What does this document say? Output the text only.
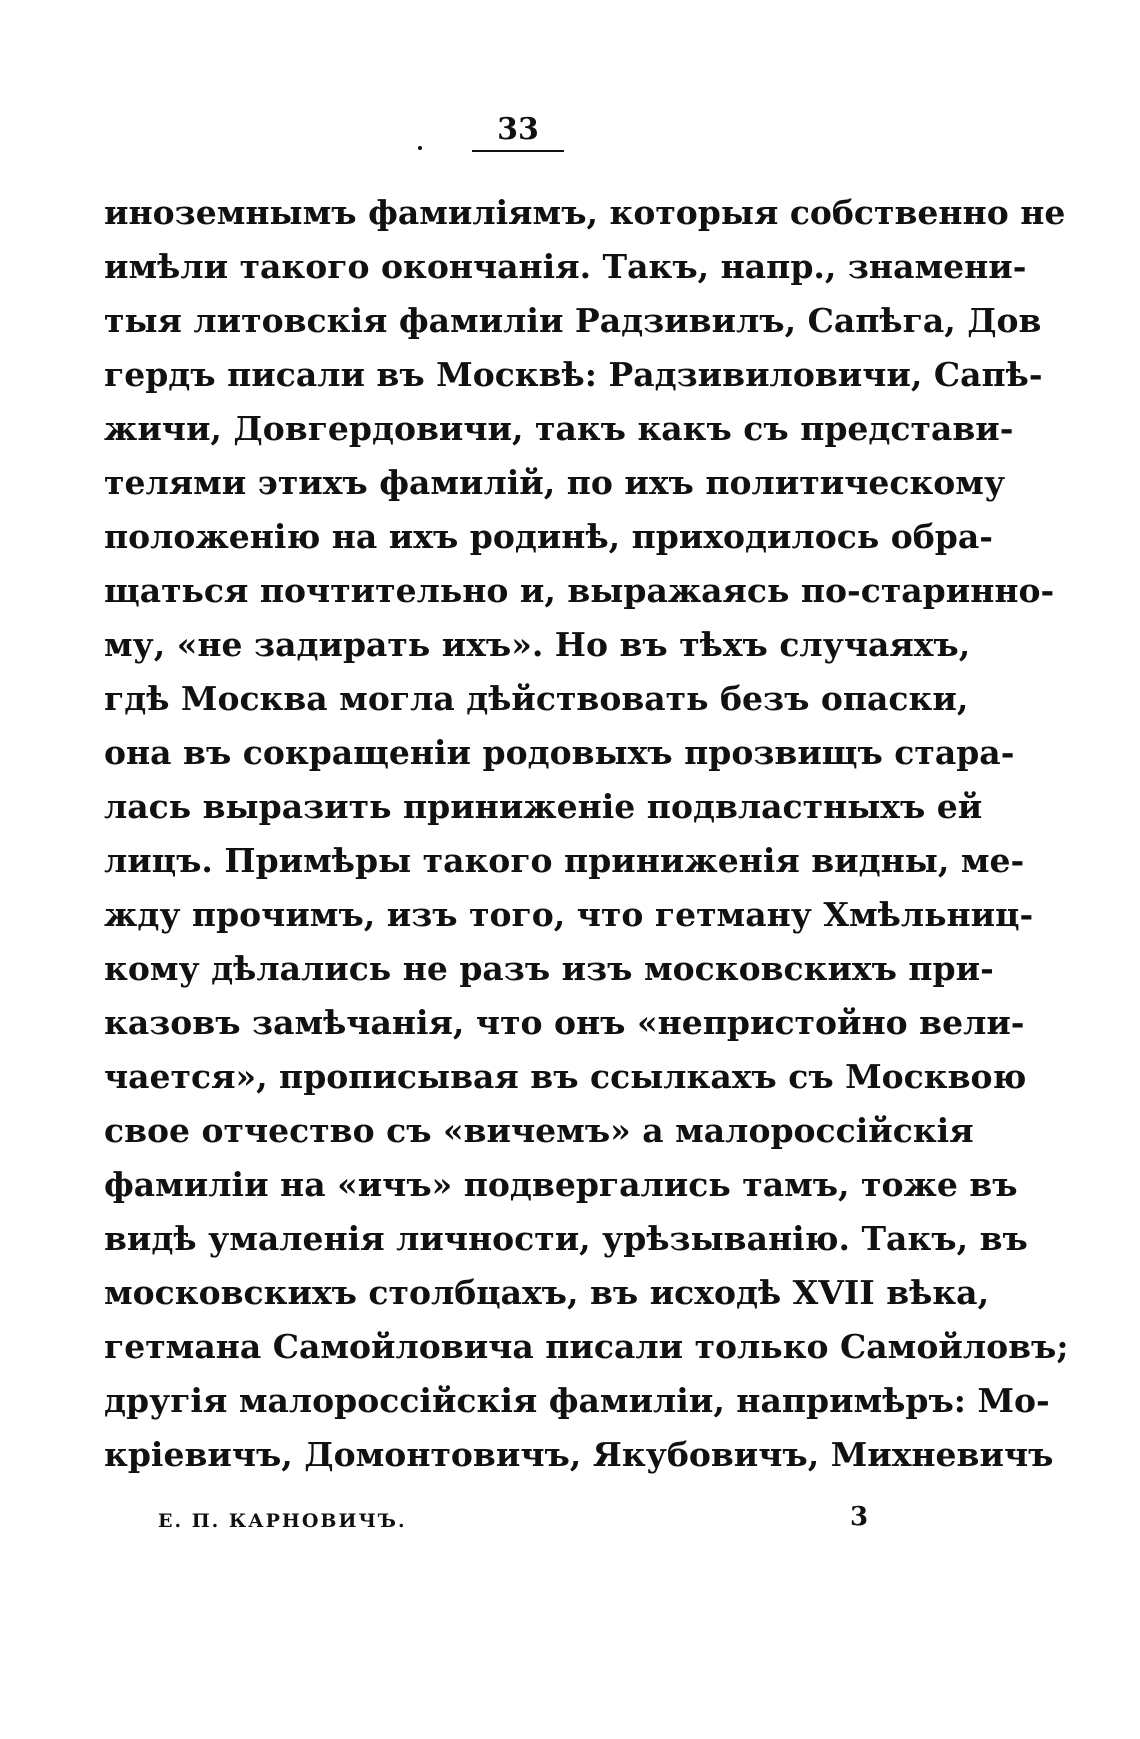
33
иноземнымъ фамиліямъ, которыя собственно не
имѣли такого окончанія. Такъ, напр., знамени-
тыя литовскія фамиліи Радзивилъ, Сапѣга, Дов
гердъ писали въ Москвѣ: Радзивиловичи, Сапѣ-
жичи, Довгердовичи, такъ какъ съ представи-
телями этихъ фамилій, по ихъ политическому
положенію на ихъ родинѣ, приходилось обра-
щаться почтительно и, выражаясь по-старинно-
му, «не задирать ихъ». Но въ тѣхъ случаяхъ,
гдѣ Москва могла дѣйствовать безъ опаски,
она въ сокращеніи родовыхъ прозвищъ стара-
лась выразить приниженіе подвластныхъ ей
лицъ. Примѣры такого приниженія видны, ме-
жду прочимъ, изъ того, что гетману Хмѣльниц-
кому дѣлались не разъ изъ московскихъ при-
казовъ замѣчанія, что онъ «непристойно вели-
чается», прописывая въ ссылкахъ съ Москвою
свое отчество съ «вичемъ» а малороссійскія
фамиліи на «ичъ» подвергались тамъ, тоже въ
видѣ умаленія личности, урѣзыванію. Такъ, въ
московскихъ столбцахъ, въ исходѣ XVII вѣка,
гетмана Самойловича писали только Самойловъ;
другія малороссійскія фамиліи, напримѣръ: Мо-
кріевичъ, Домонтовичъ, Якубовичъ, Михневичъ
Е. П. КАРНОВИЧЪ.	3
